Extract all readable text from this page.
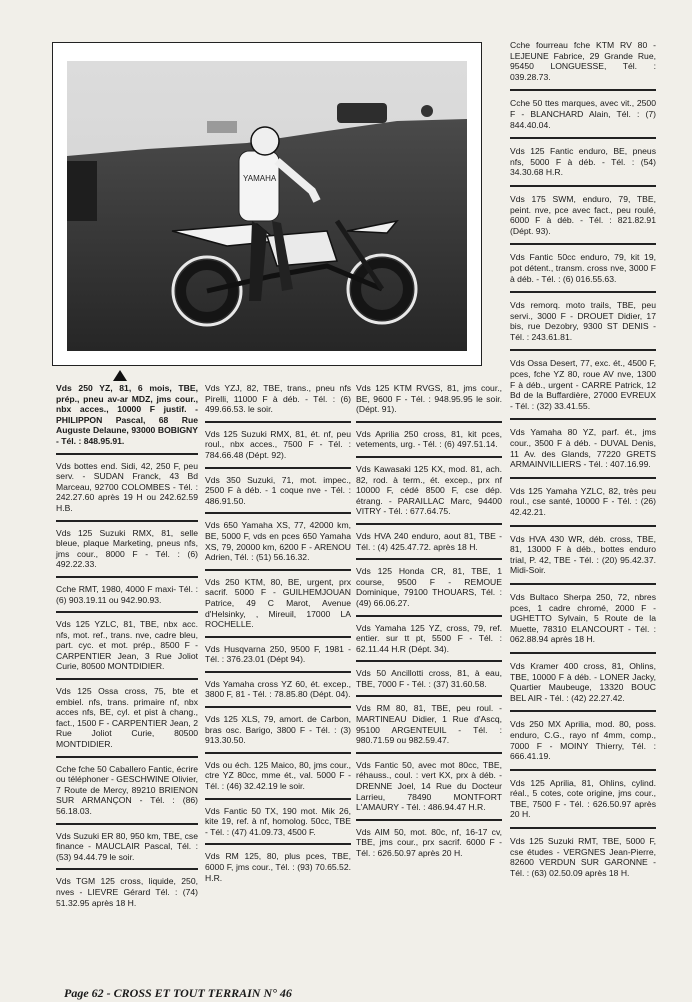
YAMAHA
Vds 250 YZ, 81, 6 mois, TBE, prép., pneu av-ar MDZ, jms cour., nbx acces., 10000 F justif. - PHILIPPON Pascal, 68 Rue Auguste Delaune, 93000 BOBIGNY - Tél. : 848.95.91.
Vds bottes end. Sidi, 42, 250 F, peu serv. - SUDAN Franck, 43 Bd Marceau, 92700 COLOMBES - Tél. : 242.27.60 après 19 H ou 242.62.59 H.B.
Vds 125 Suzuki RMX, 81, selle bleue, plaque Marketing, pneus nfs, jms cour., 8000 F - Tél. : (6) 492.22.33.
Cche RMT, 1980, 4000 F maxi- Tél. : (6) 903.19.11 ou 942.90.93.
Vds 125 YZLC, 81, TBE, nbx acc. nfs, mot. ref., trans. nve, cadre bleu, part. cyc. et mot. prép., 8500 F - CARPENTIER Jean, 3 Rue Joliot Curie, 80500 MONTDIDIER.
Vds 125 Ossa cross, 75, bte et embiel. nfs, trans. primaire nf, nbx acces nfs, BE, cyl. et pist à chang., fact., 1500 F - CARPENTIER Jean, 2 Rue Joliot Curie, 80500 MONTDIDIER.
Cche fche 50 Caballero Fantic, écrire ou téléphoner - GESCHWINE Olivier, 7 Route de Mercy, 89210 BRIENON SUR ARMANÇON - Tél. : (86) 56.18.03.
Vds Suzuki ER 80, 950 km, TBE, cse finance - MAUCLAIR Pascal, Tél. : (53) 94.44.79 le soir.
Vds TGM 125 cross, liquide, 250, nves - LIEVRE Gérard Tél. : (74) 51.32.95 après 18 H.
Vds YZJ, 82, TBE, trans., pneu nfs Pirelli, 11000 F à déb. - Tél. : (6) 499.66.53. le soir.
Vds 125 Suzuki RMX, 81, ét. nf, peu roul., nbx acces., 7500 F - Tél. : 784.66.48 (Dépt. 92).
Vds 350 Suzuki, 71, mot. impec., 2500 F à déb. - 1 coque nve - Tél. : 486.91.50.
Vds 650 Yamaha XS, 77, 42000 km, BE, 5000 F, vds en pces 650 Yamaha XS, 79, 20000 km, 6200 F - ARENOU Adrien, Tél. : (51) 56.16.32.
Vds 250 KTM, 80, BE, urgent, prx sacrif. 5000 F - GUILHEMJOUAN Patrice, 49 C Marot, Avenue d'Helsinky, , Mireuil, 17000 LA ROCHELLE.
Vds Husqvarna 250, 9500 F, 1981 - Tél. : 376.23.01 (Dépt 94).
Vds Yamaha cross YZ 60, ét. excep., 3800 F, 81 - Tél. : 78.85.80 (Dépt. 04).
Vds 125 XLS, 79, amort. de Carbon, bras osc. Barigo, 3800 F - Tél. : (3) 913.30.50.
Vds ou éch. 125 Maico, 80, jms cour., ctre YZ 80cc, mme ét., val. 5000 F - Tél. : (46) 32.42.19 le soir.
Vds Fantic 50 TX, 190 mot. Mik 26, kite 19, ref. à nf, homolog. 50cc, TBE - Tél. : (47) 41.09.73, 4500 F.
Vds RM 125, 80, plus pces, TBE, 6000 F, jms cour., Tél. : (93) 70.65.52. H.R.
Vds 125 KTM RVGS, 81, jms cour., BE, 9600 F - Tél. : 948.95.95 le soir. (Dépt. 91).
Vds Aprilia 250 cross, 81, kit pces, vetements, urg. - Tél. : (6) 497.51.14.
Vds Kawasaki 125 KX, mod. 81, ach. 82, rod. à term., ét. excep., prx nf 10000 F, cédé 8500 F, cse dép. étrang. - PARAILLAC Marc, 94400 VITRY - Tél. : 677.64.75.
Vds HVA 240 enduro, aout 81, TBE - Tél. : (4) 425.47.72. après 18 H.
Vds 125 Honda CR, 81, TBE, 1 course, 9500 F - REMOUE Dominique, 79100 THOUARS, Tél. : (49) 66.06.27.
Vds Yamaha 125 YZ, cross, 79, ref. entier. sur tt pt, 5500 F - Tél. : 62.11.44 H.R (Dépt. 34).
Vds 50 Ancillotti cross, 81, à eau, TBE, 7000 F - Tél. : (37) 31.60.58.
Vds RM 80, 81, TBE, peu roul. - MARTINEAU Didier, 1 Rue d'Ascq, 95100 ARGENTEUIL - Tél. : 980.71.59 ou 982.59.47.
Vds Fantic 50, avec mot 80cc, TBE, réhauss., coul. : vert KX, prx à déb. - DRENNE Joel, 14 Rue du Docteur Larrieu, 78490 MONTFORT L'AMAURY - Tél. : 486.94.47 H.R.
Vds AIM 50, mot. 80c, nf, 16-17 cv, TBE, jms cour., prx sacrif. 6000 F - Tél. : 626.50.97 après 20 H.
Cche fourreau fche KTM RV 80 - LEJEUNE Fabrice, 29 Grande Rue, 95450 LONGUESSE, Tél. : 039.28.73.
Cche 50 ttes marques, avec vit., 2500 F - BLANCHARD Alain, Tél. : (7) 844.40.04.
Vds 125 Fantic enduro, BE, pneus nfs, 5000 F à déb. - Tél. : (54) 34.30.68 H.R.
Vds 175 SWM, enduro, 79, TBE, peint. nve, pce avec fact., peu roulé, 6000 F à déb. - Tél. : 821.82.91 (Dépt. 93).
Vds Fantic 50cc enduro, 79, kit 19, pot détent., transm. cross nve, 3000 F à déb. - Tél. : (6) 016.55.63.
Vds remorq. moto trails, TBE, peu servi., 3000 F - DROUET Didier, 17 bis, rue Dezobry, 9300 ST DENIS - Tél. : 243.61.81.
Vds Ossa Desert, 77, exc. ét., 4500 F, pces, fche YZ 80, roue AV nve, 1300 F à déb., urgent - CARRE Patrick, 12 Bd de la Buffardière, 27000 EVREUX - Tél. : (32) 33.41.55.
Vds Yamaha 80 YZ, parf. ét., jms cour., 3500 F à déb. - DUVAL Denis, 11 Av. des Glands, 77220 GRETS ARMAINVILLIERS - Tél. : 407.16.99.
Vds 125 Yamaha YZLC, 82, très peu roul., cse santé, 10000 F - Tél. : (26) 42.42.21.
Vds HVA 430 WR, déb. cross, TBE, 81, 13000 F à déb., bottes enduro trial, P. 42, TBE - Tél. : (20) 95.42.37. Midi-Soir.
Vds Bultaco Sherpa 250, 72, nbres pces, 1 cadre chromé, 2000 F - UGHETTO Sylvain, 5 Route de la Muette, 78310 ELANCOURT - Tél. : 062.88.94 après 18 H.
Vds Kramer 400 cross, 81, Ohlins, TBE, 10000 F à déb. - LONER Jacky, Quartier Maubeuge, 13320 BOUC BEL AIR - Tél. : (42) 22.27.42.
Vds 250 MX Aprilia, mod. 80, poss. enduro, C.G., rayo nf 4mm, comp., 7000 F - MOINY Thierry, Tél. : 666.41.19.
Vds 125 Aprilia, 81, Ohlins, cylind. réal., 5 cotes, cote origine, jms cour., TBE, 7500 F - Tél. : 626.50.97 après 20 H.
Vds 125 Suzuki RMT, TBE, 5000 F, cse études - VERGNES Jean-Pierre, 82600 VERDUN SUR GARONNE - Tél. : (63) 02.50.09 après 18 H.
Page 62 - CROSS ET TOUT TERRAIN N° 46
